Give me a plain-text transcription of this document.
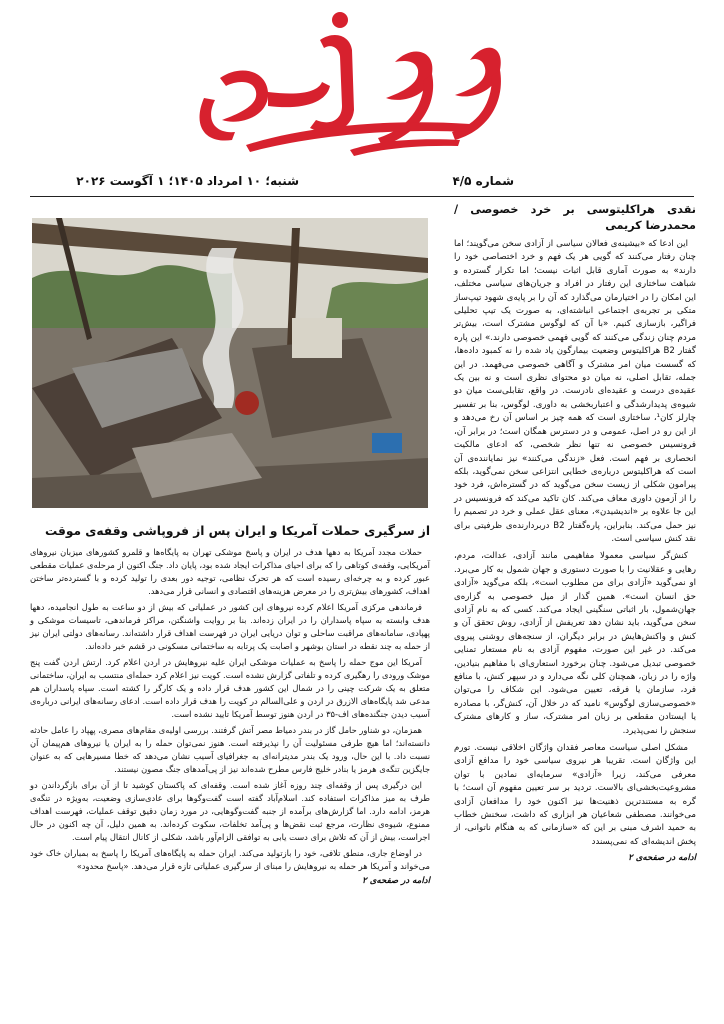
شماره ۴/۵
شنبه؛ ۱۰ امرداد ۱۴۰۵؛ ۱ آگوست ۲۰۲۶
نقدی هراکلیتوسی بر خرد خصوصی / محمدرضا کریمی

این ادعا که «بیشینه‌ی فعالان سیاسی از آزادی سخن می‌گویند؛ اما چنان رفتار می‌کنند که گویی هر یک فهم و خرد اختصاصی خود را دارند» به صورت آماری قابل اثبات نیست؛ اما تکرار گسترده و شباهت ساختاری این رفتار در افراد و جریان‌های سیاسی مختلف، این امکان را در اختیارمان می‌گذارد که آن را بر پایه‌ی شهود تیپ‌ساز متکی بر تجربه‌ی اجتماعی انباشته‌ای، به صورت یک تیپ تحلیلی فراگیر، بازسازی کنیم. «با آن که لوگوس مشترک است، بیش‌تر مردم چنان زندگی می‌کنند که گویی فهمی خصوصی دارند.» این پاره گفتار B2 هراکلیتوس وضعیت بیمارگون یاد شده را نه کمبود داده‌ها، که گسست میان امر مشترک و آگاهی خصوصی می‌فهمد. در این جمله، تقابل اصلی، نه میان دو محتوای نظری است و نه بین یک عقیده‌ی درست و عقیده‌ای نادرست. در واقع، تقابلی‌ست میان دو شیوه‌ی پدیدارشدگی و اعتباربخشی به داوری. لوگوس، بنا بر تفسیر چارلز کان¹، ساختاری است که همه چیز بر اساس آن رخ می‌دهد و از این رو در اصل، عمومی و در دسترس همگان است؛ در برابر آن، فرونسیس خصوصی نه تنها نظر شخصی، که ادعای مالکیت انحصاری بر فهم است. فعل «زندگی می‌کنند» نیز نمایاننده‌ی آن است که هراکلیتوس درباره‌ی خطایی انتزاعی سخن نمی‌گوید، بلکه پیرامون شکلی از زیست سخن می‌گوید که در گستره‌اش، فرد خود را از آزمون داوری معاف می‌کند. کان تاکید می‌کند که فرونسیس در این جا علاوه بر «اندیشیدن»، معنای عقل عملی و خرد در تصمیم را نیز حمل می‌کند. بنابراین، پاره‌گفتار B2 دربردارنده‌ی ظرفیتی برای نقد کنش سیاسی است.

کنش‌گر سیاسی معمولا مفاهیمی مانند آزادی، عدالت، مردم، رهایی و عقلانیت را با صورت دستوری و جهان شمول به کار می‌برد. او نمی‌گوید «آزادی برای من مطلوب است»، بلکه می‌گوید «آزادی حق انسان است». همین گذار از میل خصوصی به گزاره‌ی جهان‌شمول، بار اثباتی سنگینی ایجاد می‌کند. کسی که به نام آزادی سخن می‌گوید، باید نشان دهد تعریفش از آزادی، روش تحقق آن و کنش و واکنش‌هایش در برابر دیگران، از سنجه‌های روشنی پیروی می‌کند. در غیر این صورت، مفهوم آزادی به نام مستعار تمنایی خصوصی تبدیل می‌شود. چنان برخورد استعاری‌ای با مفاهیم بنیادین، واژه را در زبان، همچنان کلی نگه می‌دارد و در سپهر کنش، با منافع فرد، سازمان یا فرقه، تعیین می‌شود. این شکاف را می‌توان «خصوصی‌سازی لوگوس» نامید که در خلال آن، کنش‌گر، با مصادره یا ایستادن مقطعی بر زبان امر مشترک، ساز و کارهای مشترک سنجش را نمی‌پذیرد.

مشکل اصلی سیاست معاصر فقدان واژگان اخلاقی نیست. تورم این واژگان است. تقریبا هر نیروی سیاسی خود را مدافع آزادی معرفی می‌کند، زیرا «آزادی» سرمایه‌ای نمادین با توان مشروعیت‌بخشی‌ای بالاست. تردید بر سر تعیین مفهوم آن است؛ با گره به مستندترین ذهنیت‌ها نیز اکنون خود را مدافعان آزادی می‌خوانند. مصطفی شعاعیان هر ابزاری که داشت، سخنش خطاب به حمید اشرف مبنی بر این که «سازمانی که به هنگام ناتوانی، از پخش اندیشه‌ای که نمی‌پسندد

ادامه در صفحه‌ی ۲
از سرگیری حملات آمریکا و ایران پس از فروپاشی وقفه‌ی موقت

حملات مجدد آمریکا به دهها هدف در ایران و پاسخ موشکی تهران به پایگاه‌ها و قلمرو کشورهای میزبان نیروهای آمریکایی، وقفه‌ی کوتاهی را که برای احیای مذاکرات ایجاد شده بود، پایان داد. جنگ اکنون از مرحله‌ی عملیات مقطعی عبور کرده و به چرخه‌ای رسیده است که هر تحرک نظامی، توجیه دور بعدی را تولید کرده و با گسترده‌تر ساختن اهداف، کشورهای بیش‌تری را در معرض هزینه‌های اقتصادی و انسانی قرار می‌دهد.

فرماندهی مرکزی آمریکا اعلام کرده نیروهای این کشور در عملیاتی که بیش از دو ساعت به طول انجامیده، دهها هدف وابسته به سپاه پاسداران را در ایران زده‌اند. بنا بر روایت واشنگتن، مراکز فرماندهی، تاسیسات موشکی و پهپادی، سامانه‌های مراقبت ساحلی و توان دریایی ایران در فهرست اهداف قرار داشته‌اند. رسانه‌های دولتی ایران نیز از حمله به چند نقطه در استان بوشهر و اصابت یک پرتابه به ساختمانی مسکونی در قشم خبر داده‌اند.

آمریکا این موج حمله را پاسخ به عملیات موشکی ایران علیه نیروهایش در اردن اعلام کرد. ارتش اردن گفت پنج موشک ورودی را رهگیری کرده و تلفاتی گزارش نشده است. کویت نیز اعلام کرد حمله‌ای منتسب به ایران، ساختمانی متعلق به یک شرکت چینی را در شمال این کشور هدف قرار داده و یک کارگر را کشته است. سپاه پاسداران هم مدعی شد پایگاه‌های الازرق در اردن و علی‌السالم در کویت را هدف قرار داده است. ادعای رسانه‌های ایرانی درباره‌ی آسیب دیدن جنگنده‌های اف-۳۵ در اردن هنوز توسط آمریکا تایید نشده است.

همزمان، دو شناور حامل گاز در بندر دمیاط مصر آتش گرفتند. بررسی اولیه‌ی مقام‌های مصری، پهپاد را عامل حادثه دانسته‌اند؛ اما هیچ طرفی مسئولیت آن را نپذیرفته است. هنوز نمی‌توان حمله را به ایران یا نیروهای هم‌پیمان آن نسبت داد. با این حال، ورود یک بندر مدیترانه‌ای به جغرافیای آسیب نشان می‌دهد که خطا مسیرهایی که به عنوان جایگزین تنگه‌ی هرمز یا بنادر خلیج فارس مطرح شده‌اند نیز از پی‌آمدهای جنگ مصون نیستند.

این درگیری پس از وقفه‌ای چند روزه آغاز شده است. وقفه‌ای که پاکستان کوشید تا از آن برای بازگرداندن دو طرف به میز مذاکرات استفاده کند. اسلام‌آباد گفته است گفت‌وگوها برای عادی‌سازی وضعیت، به‌ویژه در تنگه‌ی هرمز، ادامه دارد. اما گزارش‌های برآمده از جنبه گفت‌وگوهایی، در مورد زمان دقیق توقف عملیات، فهرست اهداف ممنوع، شیوه‌ی نظارت، مرجع ثبت نقض‌ها و پی‌آمد تخلفات، سکوت کرده‌اند. به همین دلیل، آن چه اکنون در حال اجراست، بیش از آن که تلاش برای دست یابی به توافقی الزام‌آور باشد، شکلی از کانال انتقال پیام است.

در اوضاع جاری، منطق تلافی، خود را بازتولید می‌کند. ایران حمله به پایگاه‌های آمریکا را پاسخ به بمباران خاک خود می‌خواند و آمریکا هر حمله به نیروهایش را مبنای از سرگیری عملیاتی تازه قرار می‌دهد. «پاسخ محدود»

ادامه در صفحه‌ی ۲
